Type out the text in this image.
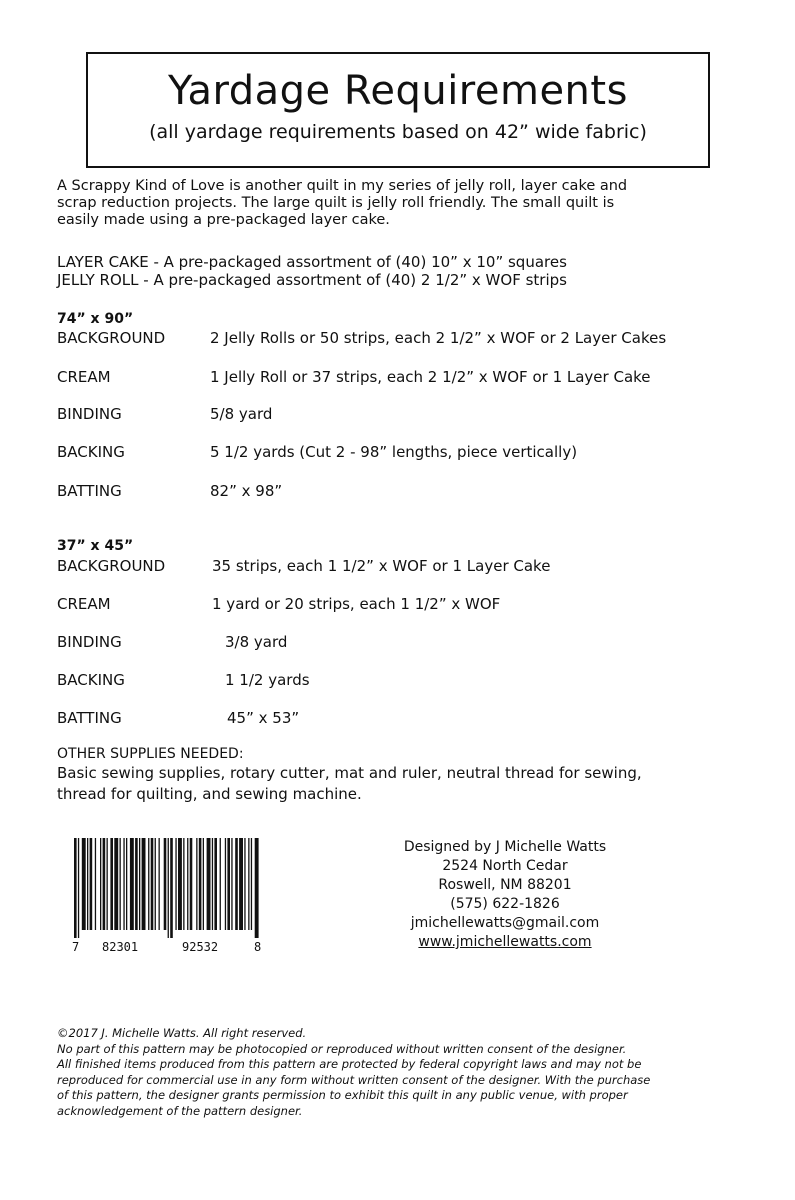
Yardage Requirements
(all yardage requirements based on 42” wide fabric)
A Scrappy Kind of Love is another quilt in my series of jelly roll, layer cake and
scrap reduction projects. The large quilt is jelly roll friendly. The small quilt is
easily made using a pre-packaged layer cake.
LAYER CAKE - A pre-packaged assortment of (40) 10” x 10” squares
JELLY ROLL - A pre-packaged assortment of (40) 2 1/2” x WOF strips
74” x 90”
BACKGROUND	2 Jelly Rolls or 50 strips, each 2 1/2” x WOF or 2 Layer Cakes
CREAM	1 Jelly Roll or 37 strips, each 2 1/2” x WOF or 1 Layer Cake
BINDING	5/8 yard
BACKING	5 1/2 yards (Cut 2 - 98” lengths, piece vertically)
BATTING	82” x 98”
37” x 45”
BACKGROUND	35 strips, each 1 1/2” x WOF or 1 Layer Cake
CREAM	1 yard or 20 strips, each 1 1/2” x WOF
BINDING	3/8 yard
BACKING	1 1/2 yards
BATTING	45” x 53”
OTHER SUPPLIES NEEDED:
Basic sewing supplies, rotary cutter, mat and ruler, neutral thread for sewing,
thread for quilting, and sewing machine.
7 82301	92532	8
Designed by J Michelle Watts
2524 North Cedar
Roswell, NM 88201
(575) 622-1826
jmichellewatts@gmail.com
www.jmichellewatts.com
©2017 J. Michelle Watts. All right reserved.
No part of this pattern may be photocopied or reproduced without written consent of the designer.
All finished items produced from this pattern are protected by federal copyright laws and may not be
reproduced for commercial use in any form without written consent of the designer. With the purchase
of this pattern, the designer grants permission to exhibit this quilt in any public venue, with proper
acknowledgement of the pattern designer.
